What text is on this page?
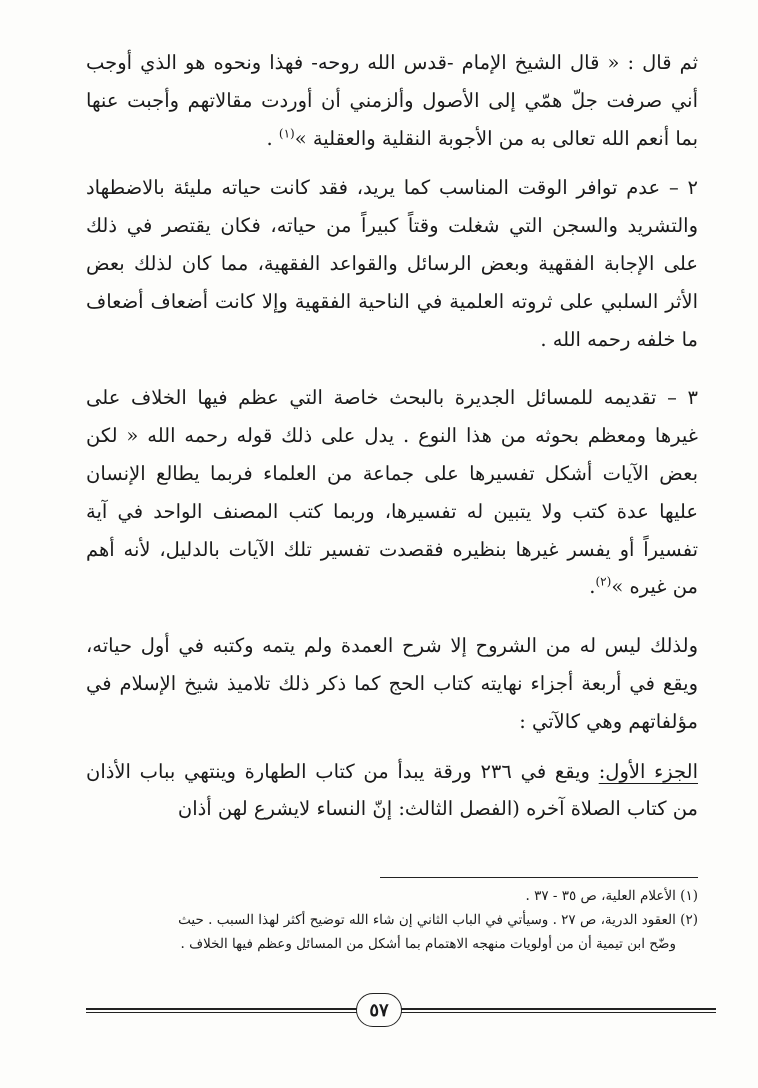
ثم قال : « قال الشيخ الإمام -قدس الله روحه- فهذا ونحوه هو الذي أوجب أني صرفت جلّ همّي إلى الأصول وألزمني أن أوردت مقالاتهم وأجبت عنها بما أنعم الله تعالى به من الأجوبة النقلية والعقلية »$^{(١)}$ .

٢ – عدم توافر الوقت المناسب كما يريد، فقد كانت حياته مليئة بالاضطهاد والتشريد والسجن التي شغلت وقتاً كبيراً من حياته، فكان يقتصر في ذلك على الإجابة الفقهية وبعض الرسائل والقواعد الفقهية، مما كان لذلك بعض الأثر السلبي على ثروته العلمية في الناحية الفقهية وإلا كانت أضعاف أضعاف ما خلفه رحمه الله .

٣ – تقديمه للمسائل الجديرة بالبحث خاصة التي عظم فيها الخلاف على غيرها ومعظم بحوثه من هذا النوع . يدل على ذلك قوله رحمه الله « لكن بعض الآيات أشكل تفسيرها على جماعة من العلماء فربما يطالع الإنسان عليها عدة كتب ولا يتبين له تفسيرها، وربما كتب المصنف الواحد في آية تفسيراً أو يفسر غيرها بنظيره فقصدت تفسير تلك الآيات بالدليل، لأنه أهم من غيره »$^{(٢)}$.

ولذلك ليس له من الشروح إلا شرح العمدة ولم يتمه وكتبه في أول حياته، ويقع في أربعة أجزاء نهايته كتاب الحج كما ذكر ذلك تلاميذ شيخ الإسلام في مؤلفاتهم وهي كالآتي :

الجزء الأول: ويقع في ٢٣٦ ورقة يبدأ من كتاب الطهارة وينتهي بباب الأذان من كتاب الصلاة آخره (الفصل الثالث: إنّ النساء لايشرع لهن أذان

(١) الأعلام العلية، ص ٣٥ - ٣٧ .

(٢) العقود الدرية، ص ٢٧ . وسيأتي في الباب الثاني إن شاء الله توضيح أكثر لهذا السبب . حيث

وضّح ابن تيمية أن من أولويات منهجه الاهتمام بما أشكل من المسائل وعظم فيها الخلاف .

٥٧
